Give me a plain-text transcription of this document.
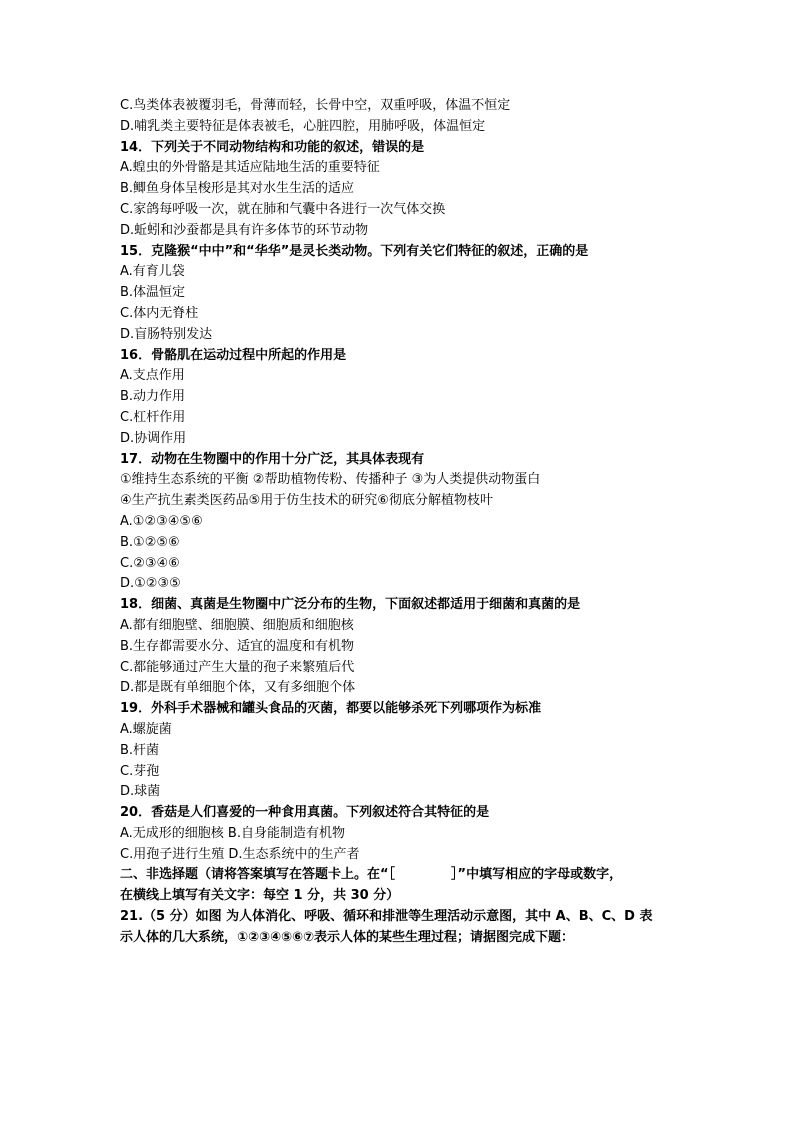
C.鸟类体表被覆羽毛，骨薄而轻，长骨中空，双重呼吸，体温不恒定
D.哺乳类主要特征是体表被毛，心脏四腔，用肺呼吸，体温恒定
14．下列关于不同动物结构和功能的叙述，错误的是
A.蝗虫的外骨骼是其适应陆地生活的重要特征
B.鲫鱼身体呈梭形是其对水生生活的适应
C.家鸽每呼吸一次，就在肺和气囊中各进行一次气体交换
D.蚯蚓和沙蚕都是具有许多体节的环节动物
15．克隆猴“中中”和“华华”是灵长类动物。下列有关它们特征的叙述，正确的是
A.有育儿袋
B.体温恒定
C.体内无脊柱
D.盲肠特别发达
16．骨骼肌在运动过程中所起的作用是
A.支点作用
B.动力作用
C.杠杆作用
D.协调作用
17．动物在生物圈中的作用十分广泛，其具体表现有
①维持生态系统的平衡 ②帮助植物传粉、传播种子 ③为人类提供动物蛋白
④生产抗生素类医药品⑤用于仿生技术的研究⑥彻底分解植物枝叶
A.①②③④⑤⑥
B.①②⑤⑥
C.②③④⑥
D.①②③⑤
18．细菌、真菌是生物圈中广泛分布的生物，下面叙述都适用于细菌和真菌的是
A.都有细胞壁、细胞膜、细胞质和细胞核
B.生存都需要水分、适宜的温度和有机物
C.都能够通过产生大量的孢子来繁殖后代
D.都是既有单细胞个体，又有多细胞个体
19．外科手术器械和罐头食品的灭菌，都要以能够杀死下列哪项作为标准
A.螺旋菌
B.杆菌
C.芽孢
D.球菌
20．香菇是人们喜爱的一种食用真菌。下列叙述符合其特征的是
A.无成形的细胞核 B.自身能制造有机物
C.用孢子进行生殖 D.生态系统中的生产者
二、非选择题（请将答案填写在答题卡上。在“［	］”中填写相应的字母或数字，
在横线上填写有关文字：每空 1 分，共 30 分）
21.（5 分）如图 为人体消化、呼吸、循环和排泄等生理活动示意图，其中 A、B、C、D 表
示人体的几大系统，①②③④⑤⑥⑦表示人体的某些生理过程；请据图完成下题：
